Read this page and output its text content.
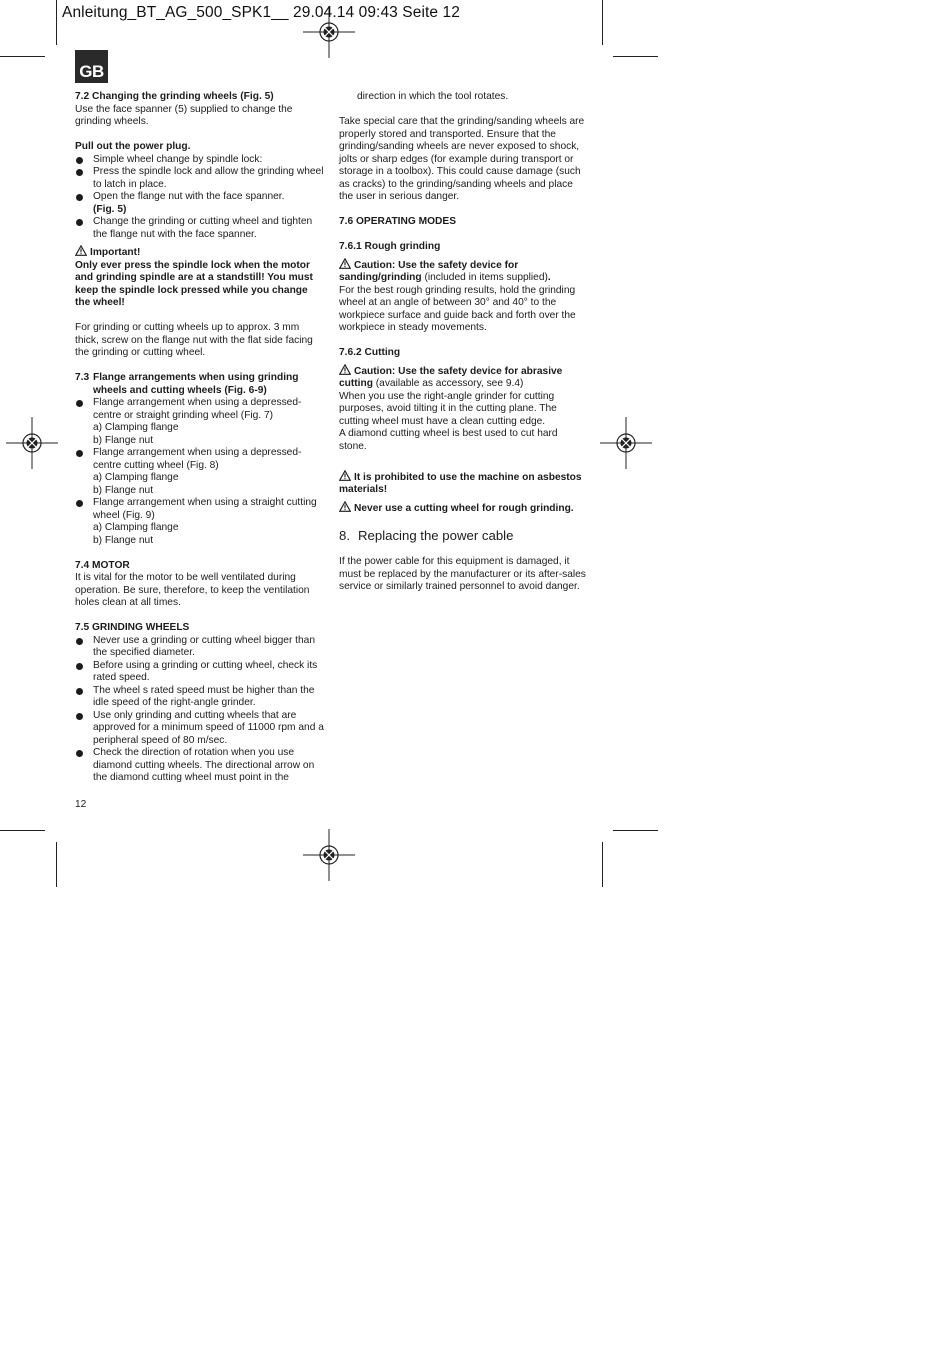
Anleitung_BT_AG_500_SPK1__ 29.04.14 09:43 Seite 12
GB

7.2 Changing the grinding wheels (Fig. 5)

Use the face spanner (5) supplied to change the grinding wheels.

Pull out the power plug.

Simple wheel change by spindle lock:

Press the spindle lock and allow the grinding wheel to latch in place.

Open the flange nut with the face spanner.

(Fig. 5)

Change the grinding or cutting wheel and tighten the flange nut with the face spanner.

Important!

Only ever press the spindle lock when the motor and grinding spindle are at a standstill! You must keep the spindle lock pressed while you change the wheel!

For grinding or cutting wheels up to approx. 3 mm thick, screw on the flange nut with the flat side facing the grinding or cutting wheel.

7.3 Flange arrangements when using grinding wheels and cutting wheels (Fig. 6-9)

Flange arrangement when using a depressed-centre or straight grinding wheel (Fig. 7)

a) Clamping flange

b) Flange nut

Flange arrangement when using a depressed-centre cutting wheel (Fig. 8)

a) Clamping flange

b) Flange nut

Flange arrangement when using a straight cutting wheel (Fig. 9)

a) Clamping flange

b) Flange nut

7.4 MOTOR

It is vital for the motor to be well ventilated during operation. Be sure, therefore, to keep the ventilation holes clean at all times.

7.5 GRINDING WHEELS

Never use a grinding or cutting wheel bigger than the specified diameter.

Before using a grinding or cutting wheel, check its rated speed.

The wheel s rated speed must be higher than the idle speed of the right-angle grinder.

Use only grinding and cutting wheels that are approved for a minimum speed of 11000 rpm and a peripheral speed of 80 m/sec.

Check the direction of rotation when you use diamond cutting wheels. The directional arrow on the diamond cutting wheel must point in the

12

direction in which the tool rotates.

Take special care that the grinding/sanding wheels are properly stored and transported. Ensure that the grinding/sanding wheels are never exposed to shock, jolts or sharp edges (for example during transport or storage in a toolbox). This could cause damage (such as cracks) to the grinding/sanding wheels and place the user in serious danger.

7.6 OPERATING MODES

7.6.1 Rough grinding

Caution: Use the safety device for sanding/grinding (included in items supplied).

For the best rough grinding results, hold the grinding wheel at an angle of between 30° and 40° to the workpiece surface and guide back and forth over the workpiece in steady movements.

7.6.2 Cutting

Caution: Use the safety device for abrasive cutting (available as accessory, see 9.4)

When you use the right-angle grinder for cutting purposes, avoid tilting it in the cutting plane. The cutting wheel must have a clean cutting edge.

A diamond cutting wheel is best used to cut hard stone.

It is prohibited to use the machine on asbestos materials!

Never use a cutting wheel for rough grinding.

8. Replacing the power cable

If the power cable for this equipment is damaged, it must be replaced by the manufacturer or its after-sales service or similarly trained personnel to avoid danger.
